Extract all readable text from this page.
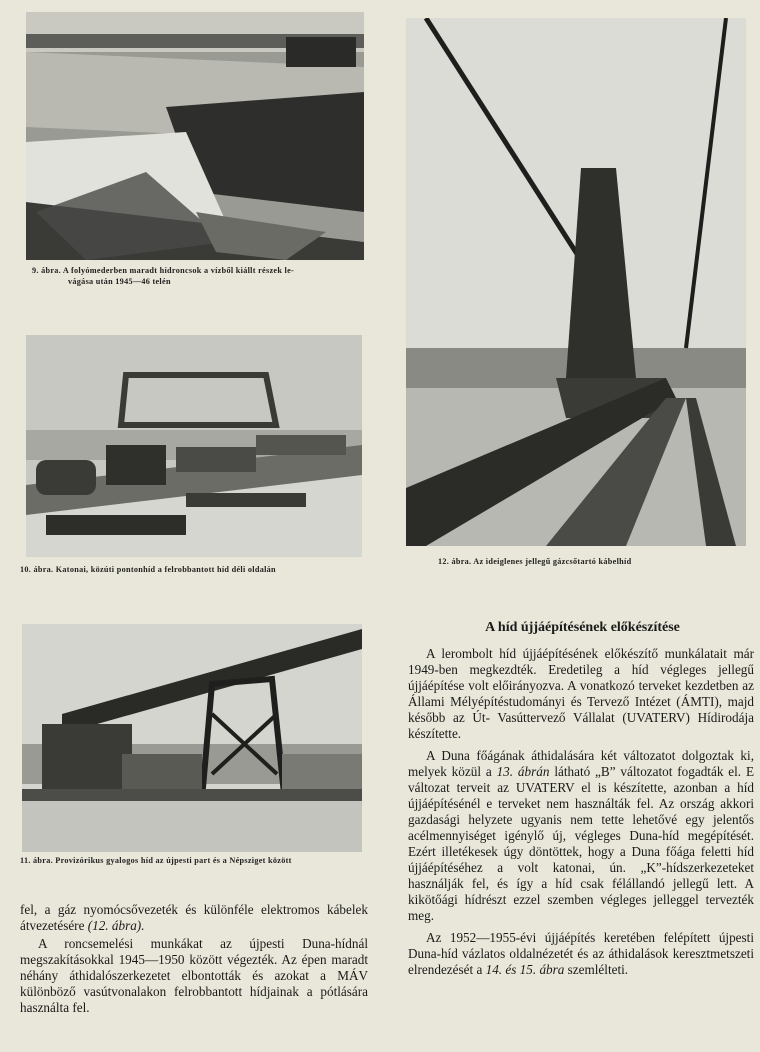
9. ábra. A folyómederben maradt hídroncsok a vízből kiállt részek le-
vágása után 1945—46 telén
10. ábra. Katonai, közúti pontonhíd a felrobbantott híd déli oldalán
11. ábra. Provizórikus gyalogos híd az újpesti part és a Népsziget között
12. ábra. Az ideiglenes jellegű gázcsőtartó kábelhíd

fel, a gáz nyomócsővezeték és különféle elektromos kábelek átvezetésére (12. ábra).

A roncsemelési munkákat az újpesti Duna-hídnál megszakításokkal 1945—1950 között végezték. Az épen maradt néhány áthidalószerkezetet elbontották és azokat a MÁV különböző vasútvonalakon felrobbantott hídjainak a pótlására használta fel.

A híd újjáépítésének előkészítése

A lerombolt híd újjáépítésének előkészítő munkálatait már 1949-ben megkezdték. Eredetileg a híd végleges jellegű újjáépítése volt előirányozva. A vonatkozó terveket kezdetben az Állami Mélyépítéstudományi és Tervező Intézet (ÁMTI), majd később az Út- Vasúttervező Vállalat (UVATERV) Hídirodája készítette.

A Duna főágának áthidalására két változatot dolgoztak ki, melyek közül a 13. ábrán látható „B” változatot fogadták el. E változat terveit az UVATERV el is készítette, azonban a híd újjáépítésénél e terveket nem használták fel. Az ország akkori gazdasági helyzete ugyanis nem tette lehetővé egy jelentős acélmennyiséget igénylő új, végleges Duna-híd megépítését. Ezért illetékesek úgy döntöttek, hogy a Duna főága feletti híd újjáépítéséhez a volt katonai, ún. „K”-hídszerkezeteket használják fel, és így a híd csak félállandó jellegű lett. A kikötőági hídrészt ezzel szemben végleges jelleggel tervezték meg.

Az 1952—1955-évi újjáépítés keretében felépített újpesti Duna-híd vázlatos oldalnézetét és az áthidalások keresztmetszeti elrendezését a 14. és 15. ábra szemlélteti.
